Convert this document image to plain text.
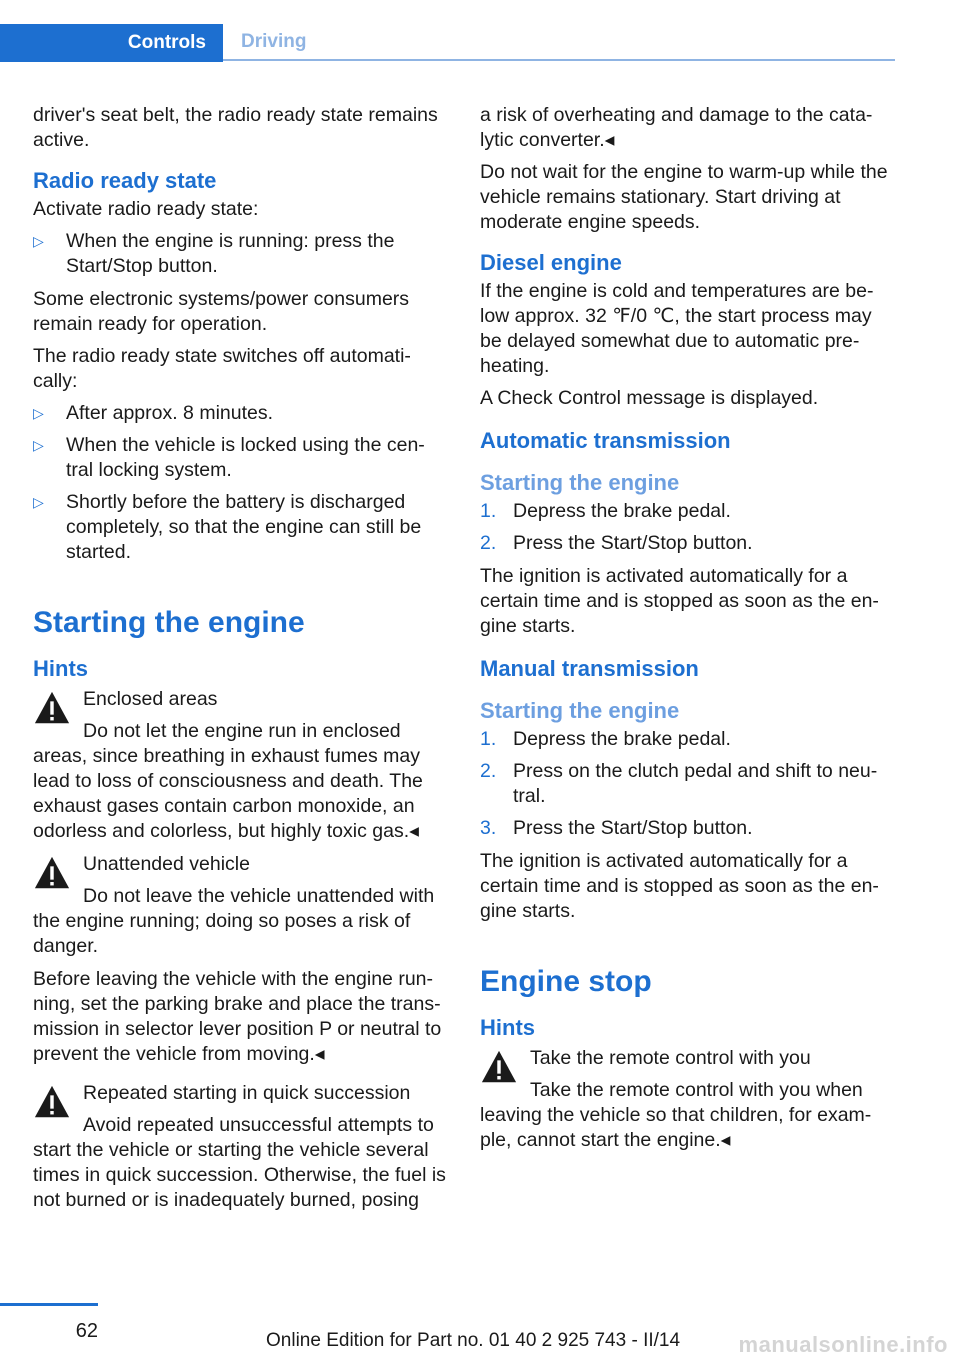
Controls	Driving

driver's seat belt, the radio ready state remains active.

Radio ready state

Activate radio ready state:

▷ When the engine is running: press the Start/Stop button.

Some electronic systems/power consumers remain ready for operation.

The radio ready state switches off automati‐cally:

▷ After approx. 8 minutes.
▷ When the vehicle is locked using the cen‐tral locking system.
▷ Shortly before the battery is discharged completely, so that the engine can still be started.
Starting the engine
Hints
Enclosed areas
Do not let the engine run in enclosed areas, since breathing in exhaust fumes may lead to loss of consciousness and death. The exhaust gases contain carbon monoxide, an odorless and colorless, but highly toxic gas.◂
Unattended vehicle
Do not leave the vehicle unattended with the engine running; doing so poses a risk of danger.

Before leaving the vehicle with the engine run‐ning, set the parking brake and place the trans‐mission in selector lever position P or neutral to prevent the vehicle from moving.◂

Repeated starting in quick succession
Avoid repeated unsuccessful attempts to start the vehicle or starting the vehicle several times in quick succession. Otherwise, the fuel is not burned or is inadequately burned, posing

a risk of overheating and damage to the cata‐lytic converter.◂

Do not wait for the engine to warm-up while the vehicle remains stationary. Start driving at moderate engine speeds.

Diesel engine

If the engine is cold and temperatures are be‐low approx. 32 ℉/0 ℃, the start process may be delayed somewhat due to automatic pre‐heating.

A Check Control message is displayed.

Automatic transmission
Starting the engine
1. Depress the brake pedal.
2. Press the Start/Stop button.

The ignition is activated automatically for a certain time and is stopped as soon as the en‐gine starts.

Manual transmission
Starting the engine
1. Depress the brake pedal.
2. Press on the clutch pedal and shift to neu‐tral.
3. Press the Start/Stop button.

The ignition is activated automatically for a certain time and is stopped as soon as the en‐gine starts.

Engine stop
Hints
Take the remote control with you
Take the remote control with you when leaving the vehicle so that children, for exam‐ple, cannot start the engine.◂
62	Online Edition for Part no. 01 40 2 925 743 - II/14	manualsonline.info
